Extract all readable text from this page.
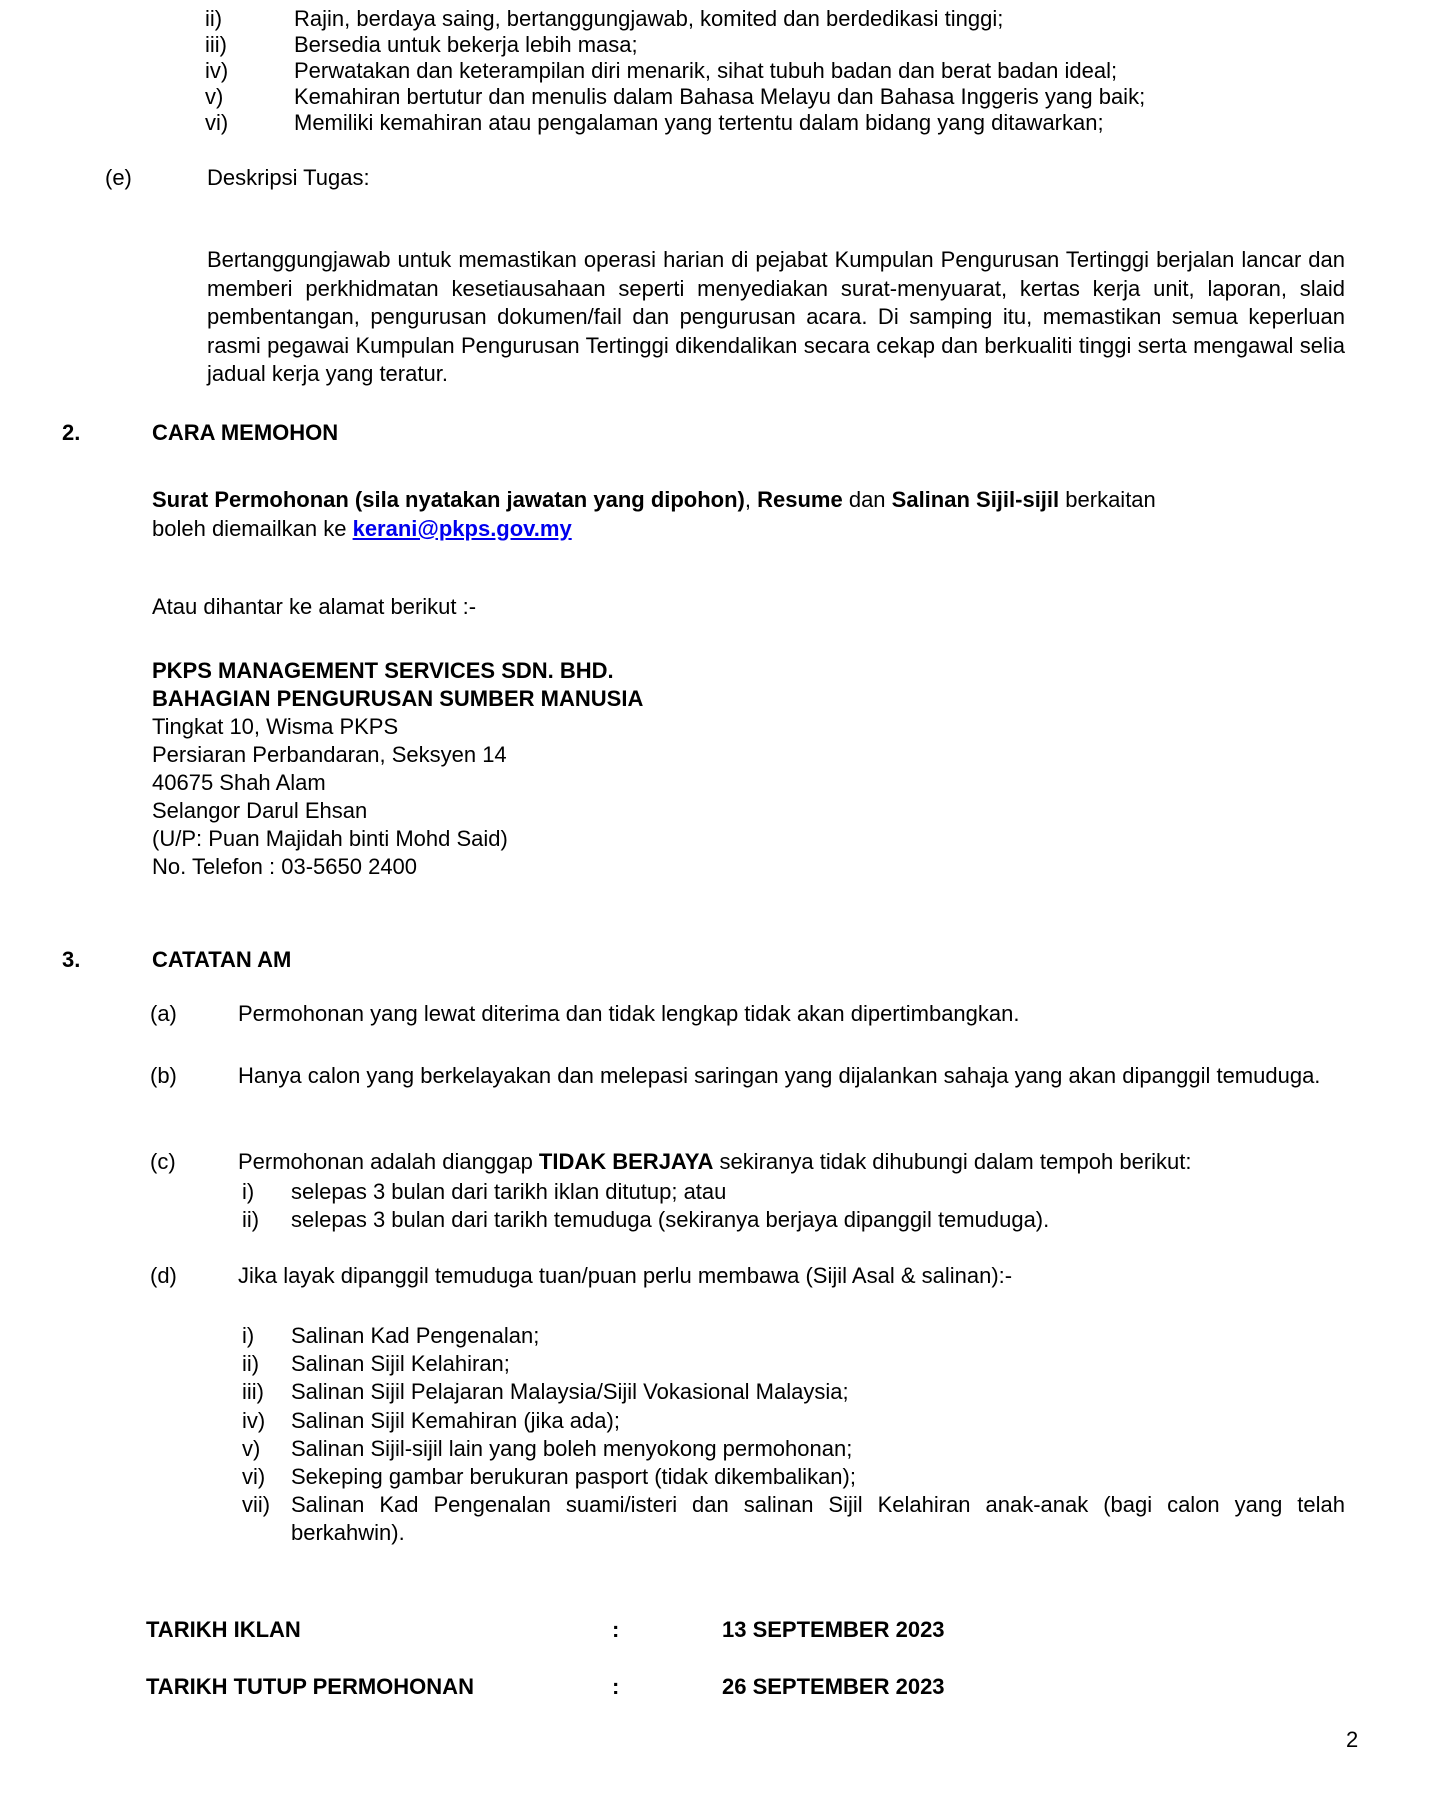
ii)	Rajin, berdaya saing, bertanggungjawab, komited dan berdedikasi tinggi;
iii)	Bersedia untuk bekerja lebih masa;
iv)	Perwatakan dan keterampilan diri menarik, sihat tubuh badan dan berat badan ideal;
v)	Kemahiran bertutur dan menulis dalam Bahasa Melayu dan Bahasa Inggeris yang baik;
vi)	Memiliki kemahiran atau pengalaman yang tertentu dalam bidang yang ditawarkan;
(e)	Deskripsi Tugas:
Bertanggungjawab untuk memastikan operasi harian di pejabat Kumpulan Pengurusan Tertinggi berjalan lancar dan memberi perkhidmatan kesetiausahaan seperti menyediakan surat-menyuarat, kertas kerja unit, laporan, slaid pembentangan, pengurusan dokumen/fail dan pengurusan acara. Di samping itu, memastikan semua keperluan rasmi pegawai Kumpulan Pengurusan Tertinggi dikendalikan secara cekap dan berkualiti tinggi serta mengawal selia jadual kerja yang teratur.
2.	CARA MEMOHON
Surat Permohonan (sila nyatakan jawatan yang dipohon), Resume dan Salinan Sijil-sijil berkaitan
boleh diemailkan ke kerani@pkps.gov.my
Atau dihantar ke alamat berikut :-
PKPS MANAGEMENT SERVICES SDN. BHD.
BAHAGIAN PENGURUSAN SUMBER MANUSIA
Tingkat 10, Wisma PKPS
Persiaran Perbandaran, Seksyen 14
40675 Shah Alam
Selangor Darul Ehsan
(U/P: Puan Majidah binti Mohd Said)
No. Telefon : 03-5650 2400
3.	CATATAN AM
(a)	Permohonan yang lewat diterima dan tidak lengkap tidak akan dipertimbangkan.
(b)	Hanya calon yang berkelayakan dan melepasi saringan yang dijalankan sahaja yang akan dipanggil temuduga.
(c)	Permohonan adalah dianggap TIDAK BERJAYA sekiranya tidak dihubungi dalam tempoh berikut:
i)	selepas 3 bulan dari tarikh iklan ditutup; atau
ii)	selepas 3 bulan dari tarikh temuduga (sekiranya berjaya dipanggil temuduga).
(d)	Jika layak dipanggil temuduga tuan/puan perlu membawa (Sijil Asal & salinan):-
i)	Salinan Kad Pengenalan;
ii)	Salinan Sijil Kelahiran;
iii)	Salinan Sijil Pelajaran Malaysia/Sijil Vokasional Malaysia;
iv)	Salinan Sijil Kemahiran (jika ada);
v)	Salinan Sijil-sijil lain yang boleh menyokong permohonan;
vi)	Sekeping gambar berukuran pasport (tidak dikembalikan);
vii) Salinan Kad Pengenalan suami/isteri dan salinan Sijil Kelahiran anak-anak (bagi calon yang telah berkahwin).
TARIKH IKLAN	:	13 SEPTEMBER 2023
TARIKH TUTUP PERMOHONAN	:	26 SEPTEMBER 2023
2
